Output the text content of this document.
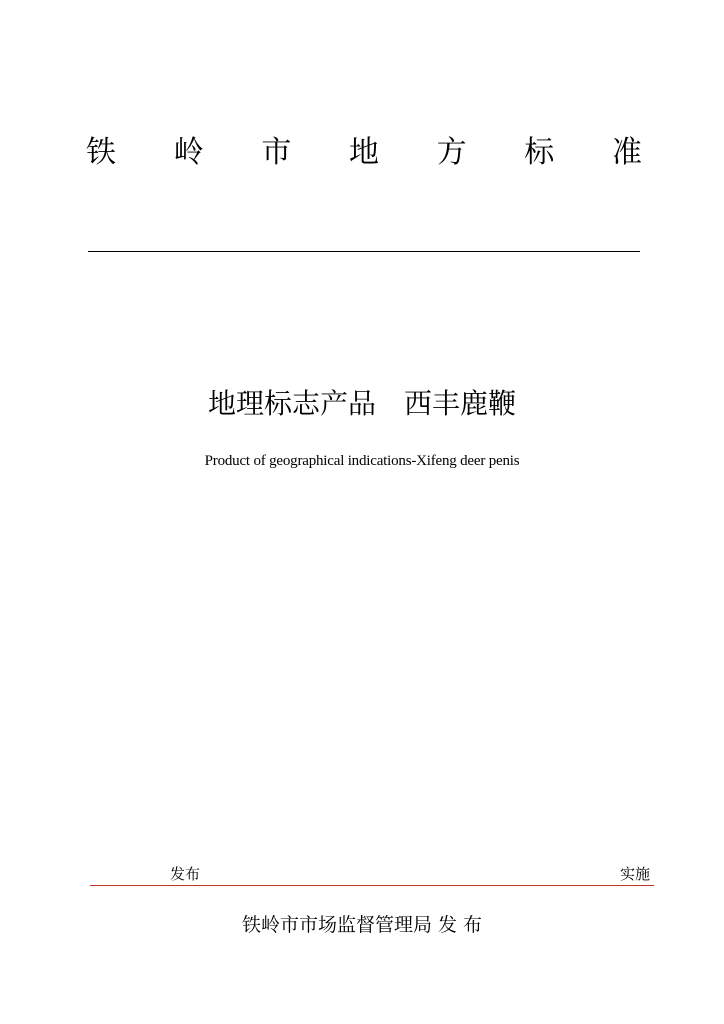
铁 岭 市 地 方 标 准
地理标志产品　西丰鹿鞭
Product of geographical indications-Xifeng deer penis
发布	实施
铁岭市市场监督管理局 发 布
